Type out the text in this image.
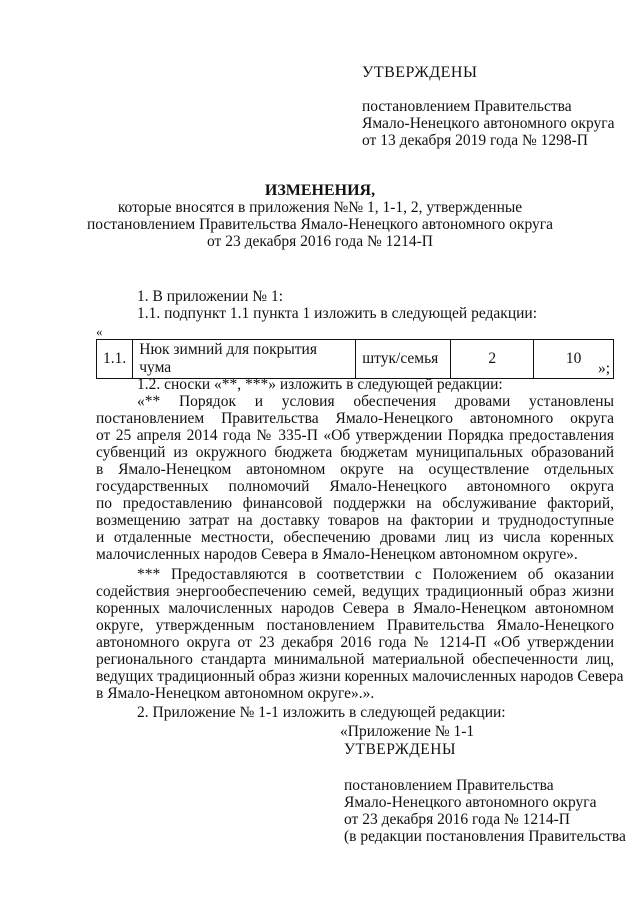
УТВЕРЖДЕНЫ
постановлением Правительства
Ямало-Ненецкого автономного округа
от 13 декабря 2019 года № 1298-П
ИЗМЕНЕНИЯ,
которые вносятся в приложения №№ 1, 1-1, 2, утвержденные
постановлением Правительства Ямало-Ненецкого автономного округа
от 23 декабря 2016 года № 1214-П
1. В приложении № 1:
1.1. подпункт 1.1 пункта 1 изложить в следующей редакции:
«
1.1.	Нюк зимний для покрытия чума	штук/семья	2	10
»;
1.2. сноски «**, ***» изложить в следующей редакции:
«** Порядок и условия обеспечения дровами установлены
постановлением Правительства Ямало-Ненецкого автономного округа
от 25 апреля 2014 года № 335-П «Об утверждении Порядка предоставления
субвенций из окружного бюджета бюджетам муниципальных образований
в Ямало-Ненецком автономном округе на осуществление отдельных
государственных полномочий Ямало-Ненецкого автономного округа
по предоставлению финансовой поддержки на обслуживание факторий,
возмещению затрат на доставку товаров на фактории и труднодоступные
и отдаленные местности, обеспечению дровами лиц из числа коренных
малочисленных народов Севера в Ямало-Ненецком автономном округе».
*** Предоставляются в соответствии с Положением об оказании
содействия энергообеспечению семей, ведущих традиционный образ жизни
коренных малочисленных народов Севера в Ямало-Ненецком автономном
округе, утвержденным постановлением Правительства Ямало-Ненецкого
автономного округа от 23 декабря 2016 года № 1214-П «Об утверждении
регионального стандарта минимальной материальной обеспеченности лиц,
ведущих традиционный образ жизни коренных малочисленных народов Севера
в Ямало-Ненецком автономном округе».».
2. Приложение № 1-1 изложить в следующей редакции:
«Приложение № 1-1
УТВЕРЖДЕНЫ
постановлением Правительства
Ямало-Ненецкого автономного округа
от 23 декабря 2016 года № 1214-П
(в редакции постановления Правительства
